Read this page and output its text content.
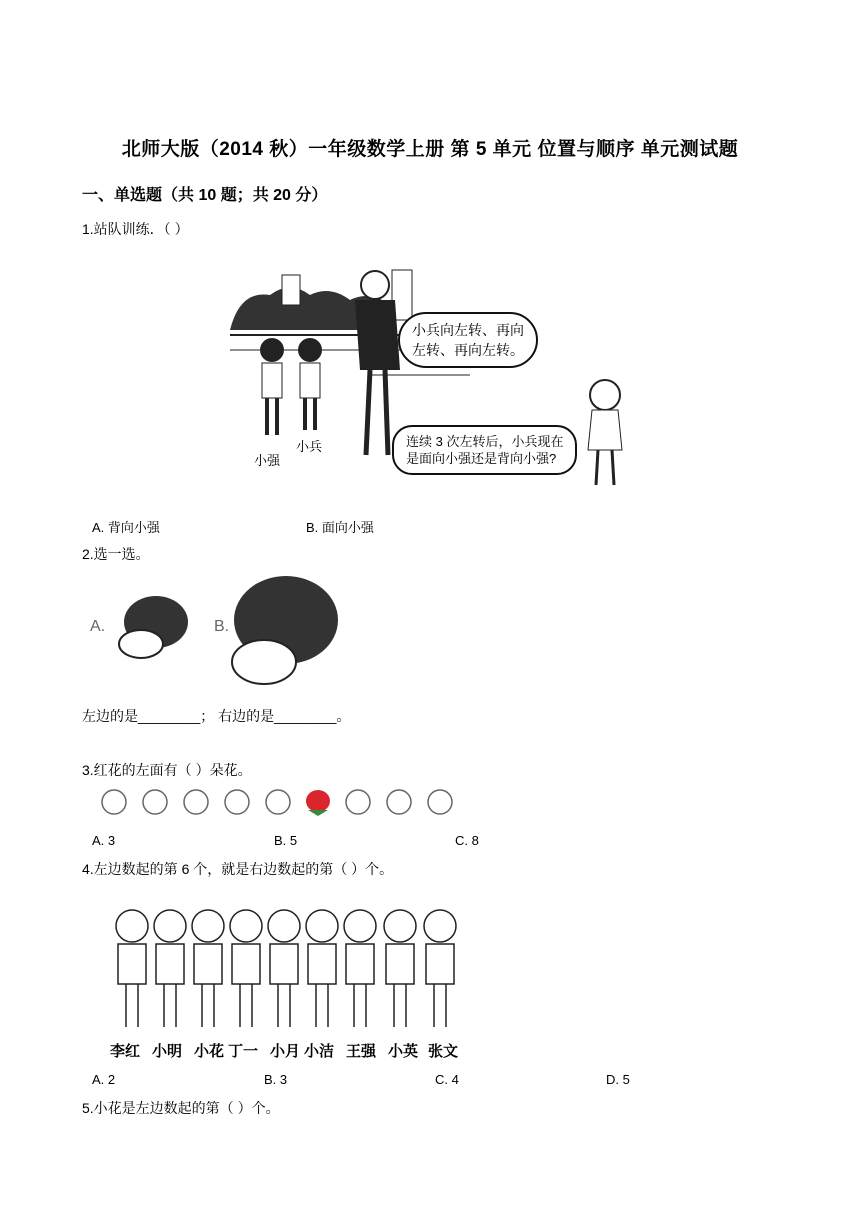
北师大版（2014 秋）一年级数学上册 第 5 单元 位置与顺序 单元测试题
一、单选题（共 10 题；共 20 分）
1.站队训练．（ ）
小兵向左转、再向
左转、再向左转。
连续 3 次左转后，小兵现在
是面向小强还是背向小强?
小强
小兵
A. 背向小强	B. 面向小强
2.选一选。
A.	B.
左边的是________； 右边的是________。
3.红花的左面有（ ）朵花。
A. 3	B. 5	C. 8
4.左边数起的第 6 个，就是右边数起的第（ ）个。
李红 小明 小花 丁一 小月 小洁 王强 小英 张文
A. 2	B. 3	C. 4	D. 5
5.小花是左边数起的第（ ）个。
